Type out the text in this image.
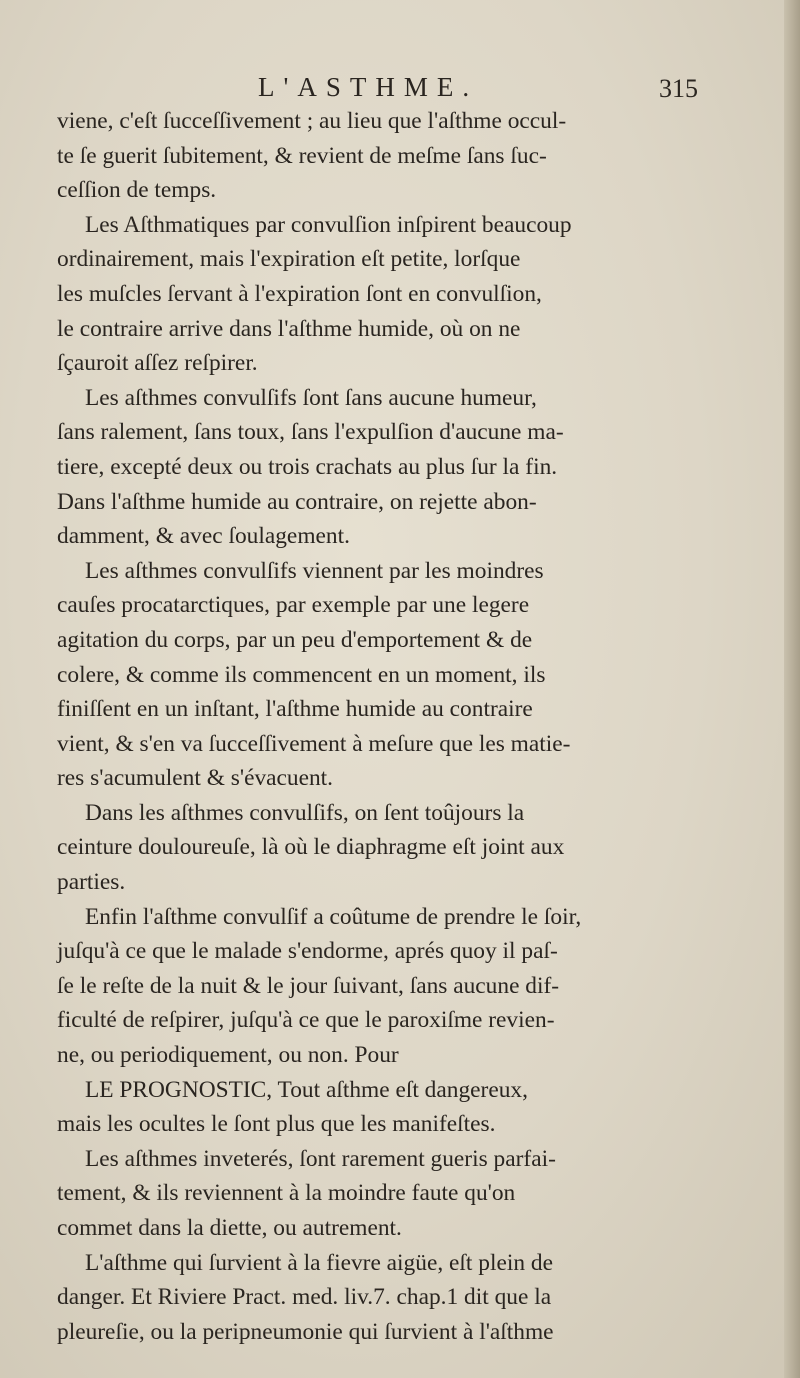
L'ASTHME.	315
viene, c'eſt ſucceſſivement ; au lieu que l'aſthme occul-
te ſe guerit ſubitement, & revient de meſme ſans ſuc-
ceſſion de temps.
Les Aſthmatiques par convulſion inſpirent beaucoup
ordinairement, mais l'expiration eſt petite, lorſque
les muſcles ſervant à l'expiration ſont en convulſion,
le contraire arrive dans l'aſthme humide, où on ne
ſçauroit aſſez reſpirer.
Les aſthmes convulſifs ſont ſans aucune humeur,
ſans ralement, ſans toux, ſans l'expulſion d'aucune ma-
tiere, excepté deux ou trois crachats au plus ſur la fin.
Dans l'aſthme humide au contraire, on rejette abon-
damment, & avec ſoulagement.
Les aſthmes convulſifs viennent par les moindres
cauſes procatarctiques, par exemple par une legere
agitation du corps, par un peu d'emportement & de
colere, & comme ils commencent en un moment, ils
finiſſent en un inſtant, l'aſthme humide au contraire
vient, & s'en va ſucceſſivement à meſure que les matie-
res s'acumulent & s'évacuent.
Dans les aſthmes convulſifs, on ſent toûjours la
ceinture douloureuſe, là où le diaphragme eſt joint aux
parties.
Enfin l'aſthme convulſif a coûtume de prendre le ſoir,
juſqu'à ce que le malade s'endorme, aprés quoy il paſ-
ſe le reſte de la nuit & le jour ſuivant, ſans aucune dif-
ficulté de reſpirer, juſqu'à ce que le paroxiſme revien-
ne, ou periodiquement, ou non. Pour
LE PROGNOSTIC, Tout aſthme eſt dangereux,
mais les ocultes le ſont plus que les manifeſtes.
Les aſthmes inveterés, ſont rarement gueris parfai-
tement, & ils reviennent à la moindre faute qu'on
commet dans la diette, ou autrement.
L'aſthme qui ſurvient à la fievre aigüe, eſt plein de
danger. Et Riviere Pract. med. liv.7. chap.1 dit que la
pleureſie, ou la peripneumonie qui ſurvient à l'aſthme
